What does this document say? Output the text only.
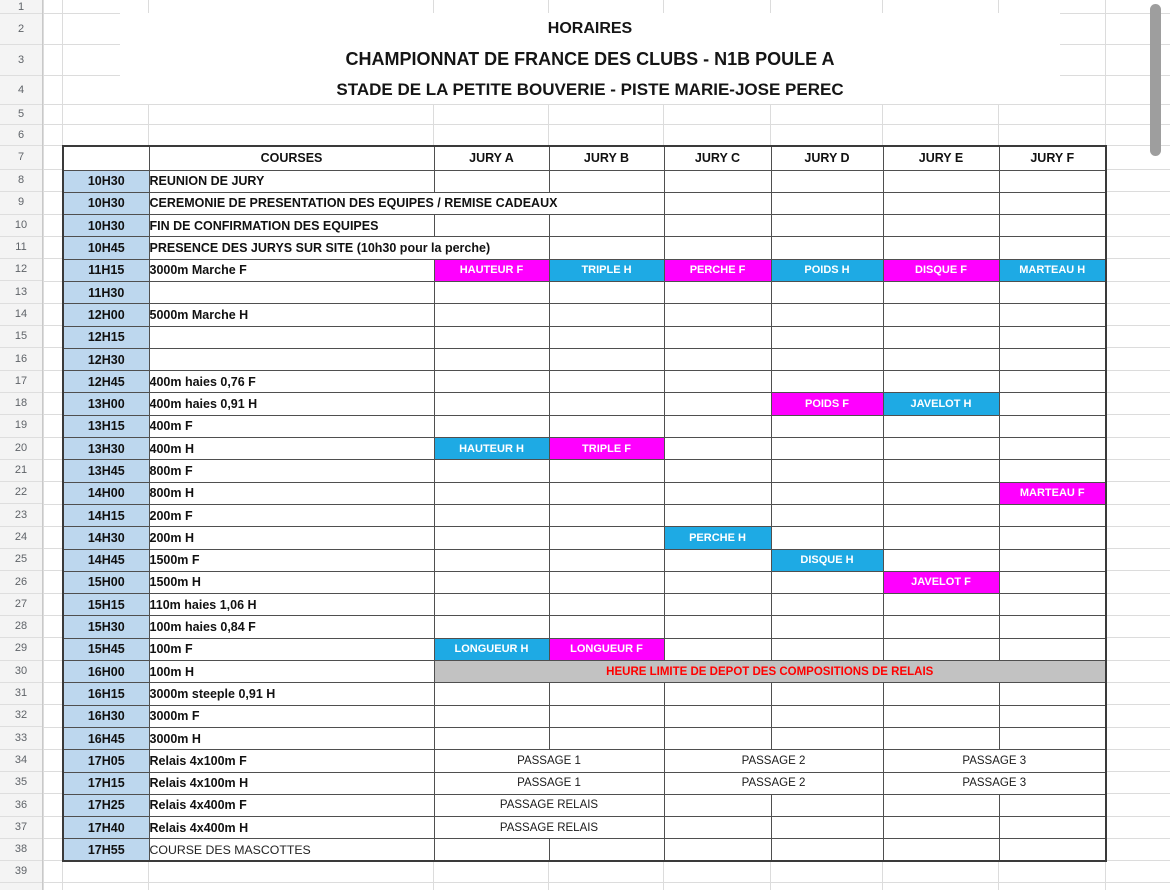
HORAIRES
CHAMPIONNAT DE FRANCE DES CLUBS - N1B POULE A
STADE DE LA PETITE BOUVERIE - PISTE MARIE-JOSE PEREC
	COURSES	JURY A	JURY B	JURY C	JURY D	JURY E	JURY F
10H30	REUNION DE JURY						
10H30	CEREMONIE DE PRESENTATION DES EQUIPES / REMISE CADEAUX						
10H30	FIN DE CONFIRMATION DES EQUIPES						
10H45	PRESENCE DES JURYS SUR SITE (10h30 pour la perche)						
11H15	3000m Marche F	HAUTEUR F	TRIPLE H	PERCHE F	POIDS H	DISQUE F	MARTEAU H
11H30							
12H00	5000m Marche H						
12H15							
12H30							
12H45	400m haies 0,76 F						
13H00	400m haies 0,91 H				POIDS F	JAVELOT H	
13H15	400m F						
13H30	400m H	HAUTEUR H	TRIPLE F				
13H45	800m F						
14H00	800m H						MARTEAU F
14H15	200m F						
14H30	200m H			PERCHE H			
14H45	1500m F				DISQUE H		
15H00	1500m H					JAVELOT F	
15H15	110m haies 1,06 H						
15H30	100m haies 0,84 F						
15H45	100m F	LONGUEUR H	LONGUEUR F				
16H00	100m H	HEURE LIMITE DE DEPOT DES COMPOSITIONS DE RELAIS					
16H15	3000m steeple 0,91 H						
16H30	3000m F						
16H45	3000m H						
17H05	Relais 4x100m F	PASSAGE 1		PASSAGE 2		PASSAGE 3	
17H15	Relais 4x100m H	PASSAGE 1		PASSAGE 2		PASSAGE 3	
17H25	Relais 4x400m F	PASSAGE RELAIS					
17H40	Relais 4x400m H	PASSAGE RELAIS					
17H55	COURSE DES MASCOTTES						
1
2
3
4
5
6
7
8
9
10
11
12
13
14
15
16
17
18
19
20
21
22
23
24
25
26
27
28
29
30
31
32
33
34
35
36
37
38
39
